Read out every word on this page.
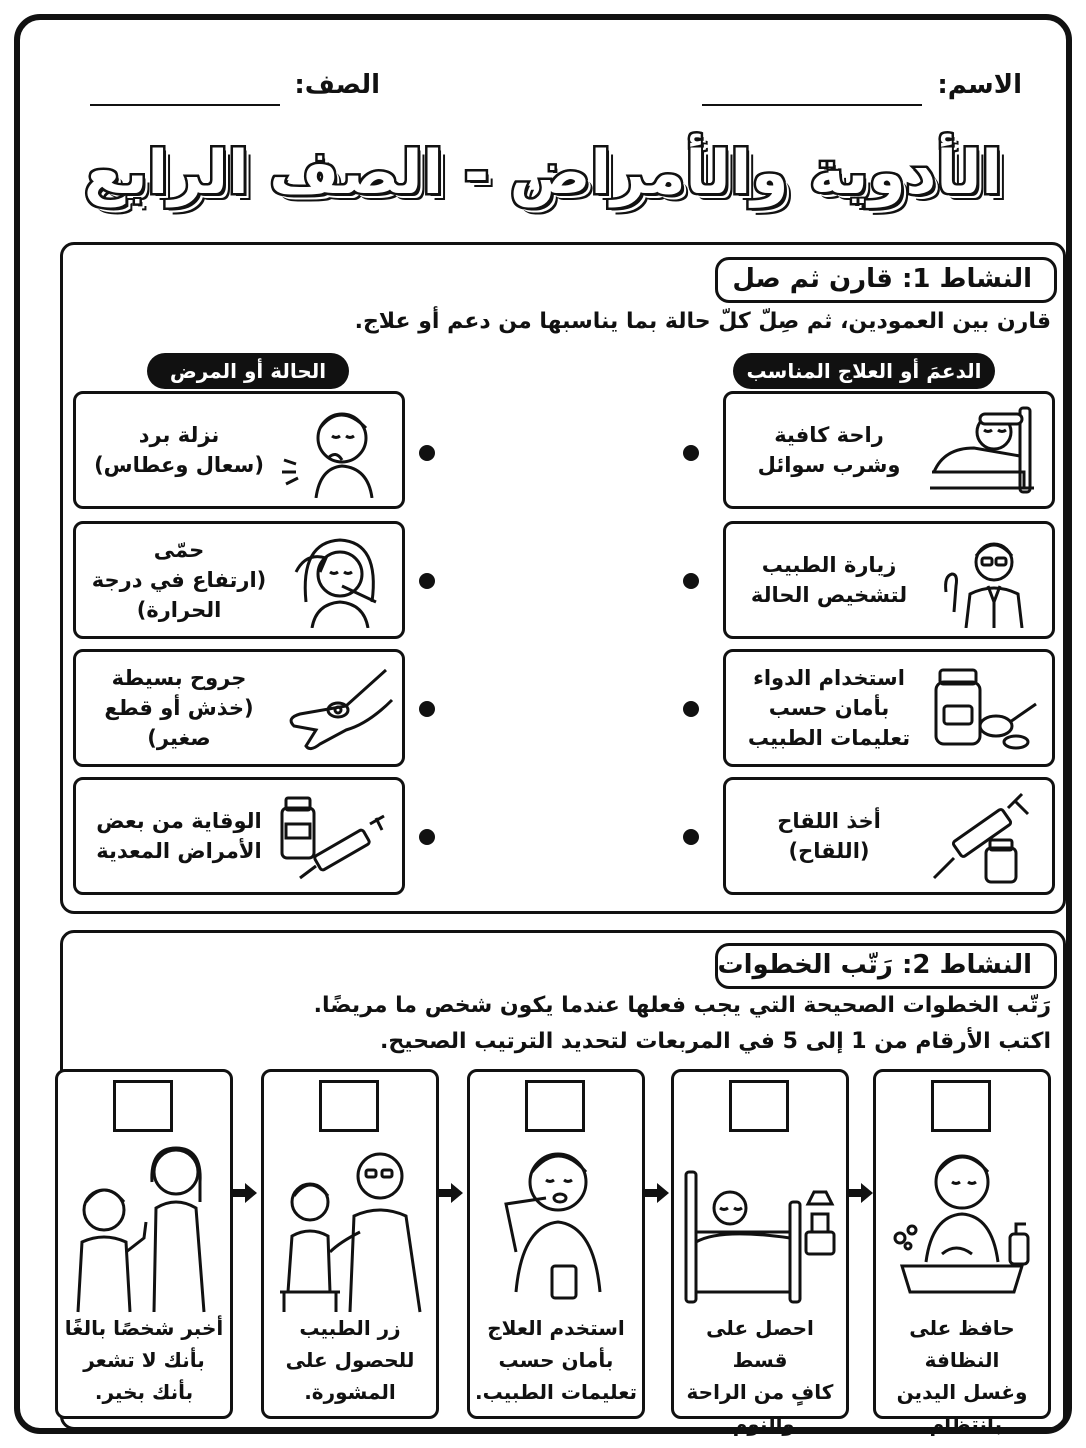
الاسم:
الصف:
الأدوية والأمراض - الصف الرابع
النشاط 1: قارن ثم صل
قارن بين العمودين، ثم صِلّ كلّ حالة بما يناسبها من دعم أو علاج.
الدعمَ أو العلاج المناسب
الحالة أو المرض
راحة كافية
وشرب سوائل
زيارة الطبيب
لتشخيص الحالة
استخدام الدواء
بأمان حسب
تعليمات الطبيب
أخذ اللقاح
(اللقاح)
نزلة برد
(سعال وعطاس)
حمّى
(ارتفاع في درجة
الحرارة)
جروح بسيطة
(خذش أو قطع صغير)
الوقاية من بعض
الأمراض المعدية
النشاط 2: رَتّب الخطوات
رَتّب الخطوات الصحيحة التي يجب فعلها عندما يكون شخص ما مريضًا.
اكتب الأرقام من 1 إلى 5 في المربعات لتحديد الترتيب الصحيح.
حافظ على النظافة
وغسل اليدين
بانتظام.
احصل على قسط
كافٍ من الراحة
والنوم.
استخدم العلاج
بأمان حسب
تعليمات الطبيب.
زر الطبيب
للحصول على
المشورة.
أخبر شخصًا بالغًا
بأنك لا تشعر
بأنك بخير.
